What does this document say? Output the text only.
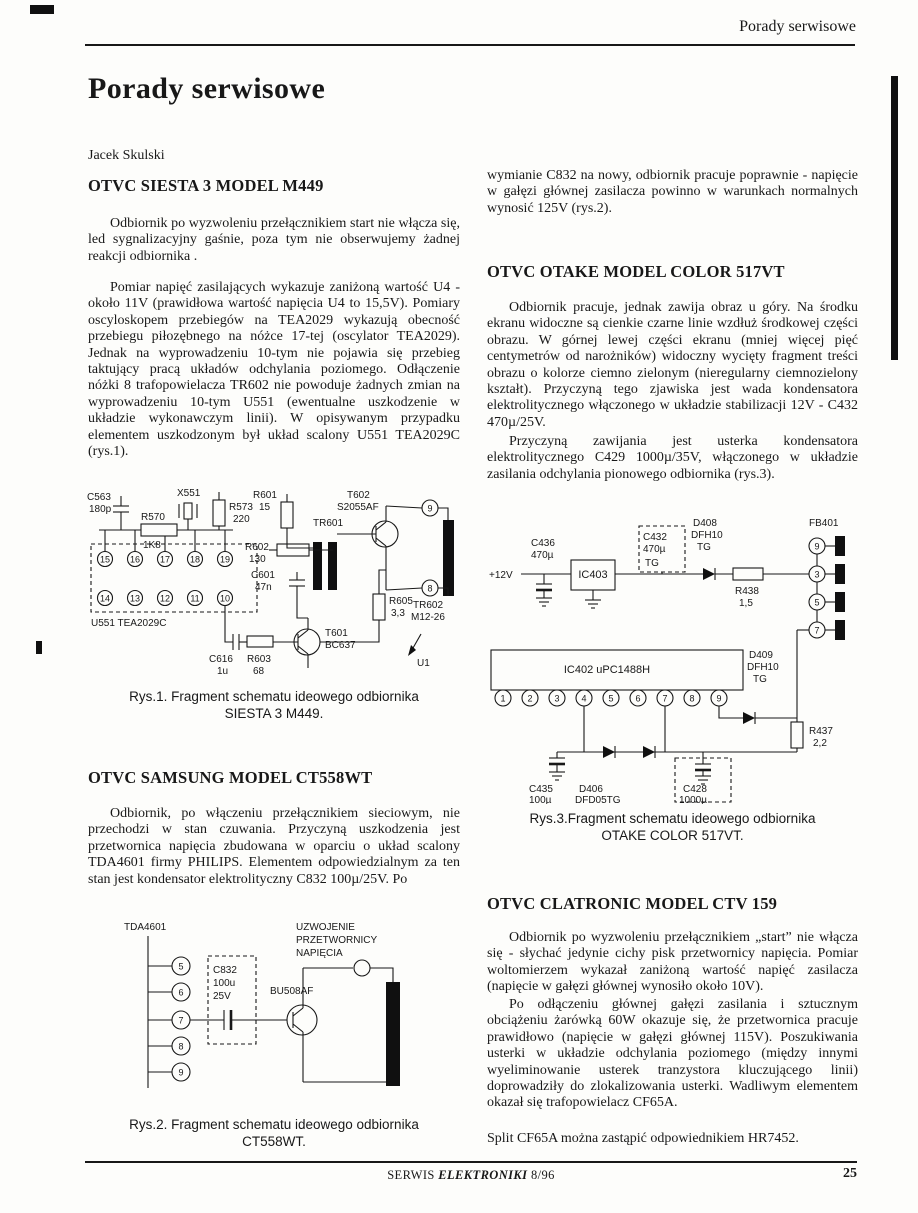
Porady serwisowe
Porady serwisowe
Jacek Skulski
OTVC SIESTA 3 MODEL M449

Odbiornik po wyzwoleniu przełącznikiem start nie włącza się, led sygnalizacyjny gaśnie, poza tym nie obserwujemy żadnej reakcji odbiornika .

Pomiar napięć zasilających wykazuje zaniżoną wartość U4 - około 11V (prawidłowa wartość napięcia U4 to 15,5V). Pomiary oscyloskopem przebiegów na TEA2029 wykazują obecność przebiegu piłozębnego na nóżce 17-tej (oscylator TEA2029). Jednak na wyprowadzeniu 10-tym nie pojawia się przebieg taktujący pracą układów odchylania poziomego. Odłączenie nóżki 8 trafopowielacza TR602 nie powoduje żadnych zmian na wyprowadzeniu 10-tym U551 (ewentualne uszkodzenie w układzie wykonawczym linii). W opisywanym przypadku elementem uszkodzonym był układ scalony U551 TEA2029C (rys.1).

15 16 17 18 19
14 13 12 11 10
9
8
C563
180p
X551
R573
220
R570
1K8
R601
15
TR601
T602
S2055AF
TR602
M12-26
R602
130
C601
47n
R605
3,3
T601
BC637
U1
U551 TEA2029C
C616
1u
R603
68
Rys.1. Fragment schematu ideowego odbiornika
SIESTA 3 M449.
OTVC SAMSUNG MODEL CT558WT

Odbiornik, po włączeniu przełącznikiem sieciowym, nie przechodzi w stan czuwania. Przyczyną uszkodzenia jest przetwornica napięcia zbudowana w oparciu o układ scalony TDA4601 firmy PHILIPS. Elementem odpowiedzialnym za ten stan jest kondensator elektrolityczny C832 100µ/25V. Po

5
6
7
8
9
TDA4601
C832
100u
25V	BU508AF
UZWOJENIE
PRZETWORNICY
NAPIĘCIA
Rys.2. Fragment schematu ideowego odbiornika
CT558WT.

wymianie C832 na nowy, odbiornik pracuje poprawnie - napięcie w gałęzi głównej zasilacza powinno w warunkach normalnych wynosić 125V (rys.2).

OTVC OTAKE MODEL COLOR 517VT

Odbiornik pracuje, jednak zawija obraz u góry. Na środku ekranu widoczne są cienkie czarne linie wzdłuż środkowej części obrazu. W górnej lewej części ekranu (mniej więcej pięć centymetrów od narożników) widoczny wycięty fragment treści obrazu o kolorze ciemno zielonym (nieregularny ciemnozielony kształt). Przyczyną tego zjawiska jest wada kondensatora elektrolitycznego włączonego w układzie stabilizacji 12V - C432 470µ/25V.

Przyczyną zawijania jest usterka kondensatora elektrolitycznego C429 1000µ/35V, włączonego w układzie zasilania odchylania pionowego odbiornika (rys.3).

9
3
5
7
1 2 3 4 5 6 7 8 9
+12V
C436
470µ
IC403
C432
470µ
TG
D408
DFH10
TG
FB401
R438
1,5
IC402 uPC1488H
D409
DFH10
TG
R437
2,2
C435
100µ
D406
DFD05TG
C428
1000µ
Rys.3.Fragment schematu ideowego odbiornika
OTAKE COLOR 517VT.
OTVC CLATRONIC MODEL CTV 159

Odbiornik po wyzwoleniu przełącznikiem „start” nie włącza się - słychać jedynie cichy pisk przetwornicy napięcia. Pomiar woltomierzem wykazał zaniżoną wartość napięć zasilacza (napięcie w gałęzi głównej wynosiło około 10V).

Po odłączeniu głównej gałęzi zasilania i sztucznym obciążeniu żarówką 60W okazuje się, że przetwornica pracuje prawidłowo (napięcie w gałęzi głównej 115V). Poszukiwania usterki w układzie odchylania poziomego (między innymi wyeliminowanie usterek tranzystora kluczującego linii) doprowadziły do zlokalizowania usterki. Wadliwym elementem okazał się trafopowielacz CF65A.

Split CF65A można zastąpić odpowiednikiem HR7452.

SERWIS ELEKTRONIKI 8/96	25
